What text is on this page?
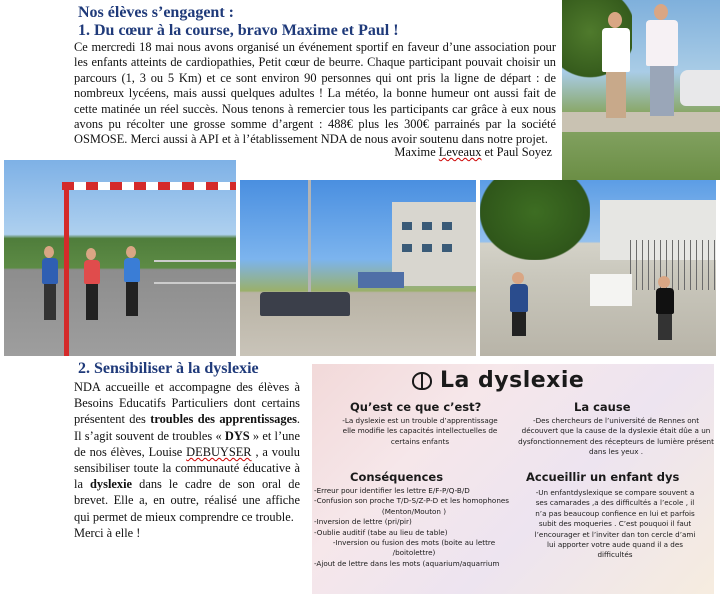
Nos élèves s’engagent :
1. Du cœur à la course, bravo Maxime et Paul !

Ce mercredi 18 mai nous avons organisé un événement sportif en faveur d’une association pour les enfants atteints de cardiopathies, Petit cœur de beurre. Chaque participant pouvait choisir un parcours (1, 3 ou 5 Km) et ce sont environ 90 personnes qui ont pris la ligne de départ : de nombreux lycéens, mais aussi quelques adultes ! La météo, la bonne humeur ont aussi fait de cette matinée un réel succès. Nous tenons à remercier tous les participants car grâce à eux nous avons pu récolter une grosse somme d’argent : 488€ plus les 300€ parrainés par la société OSMOSE. Merci aussi à API et à l’établissement NDA de nous avoir soutenu dans notre projet.

Maxime Leveaux et Paul Soyez
2. Sensibiliser à la dyslexie

NDA accueille et accompagne des élèves à Besoins Educatifs Particuliers dont certains présentent des troubles des apprentissages. Il s’agit souvent de troubles « DYS » et l’une de nos élèves, Louise DEBUYSER , a voulu sensibiliser toute la communauté éducative à la dyslexie dans le cadre de son oral de brevet. Elle a, en outre, réalisé une affiche qui permet de mieux comprendre ce trouble.
Merci à elle !

La dyslexie
Qu’est ce que c’est?
-La dyslexie est un trouble d’apprentissage
elle modifie les capacités intellectuelles de
certains enfants
La cause
-Des chercheurs de l’université de Rennes ont
découvert que la cause de la dyslexie était dûe a un
dysfonctionnement des récepteurs de lumière présent
dans les yeux .
Conséquences
-Erreur pour identifier les lettre E/F-P/Q-B/D
-Confusion son proche T/D-S/Z-P-D et les homophones
(Menton/Mouton )
-Inversion de lettre (pri/pir)
-Oublie auditif (tabe au lieu de table)
-Inversion ou fusion des mots (boite au lettre
/boitolettre)
-Ajout de lettre dans les mots (aquarium/aquarrium
Accueillir un enfant dys
-Un enfantdyslexique se compare souvent a
ses camarades ,a des difficultés a l’ecole , il
n’a pas beaucoup confience en lui et parfois
subit des moqueries . C’est pouquoi il faut
l’encourager et l’inviter dan ton cercle d’ami
lui apporter votre aude quand il a des
difficultés
